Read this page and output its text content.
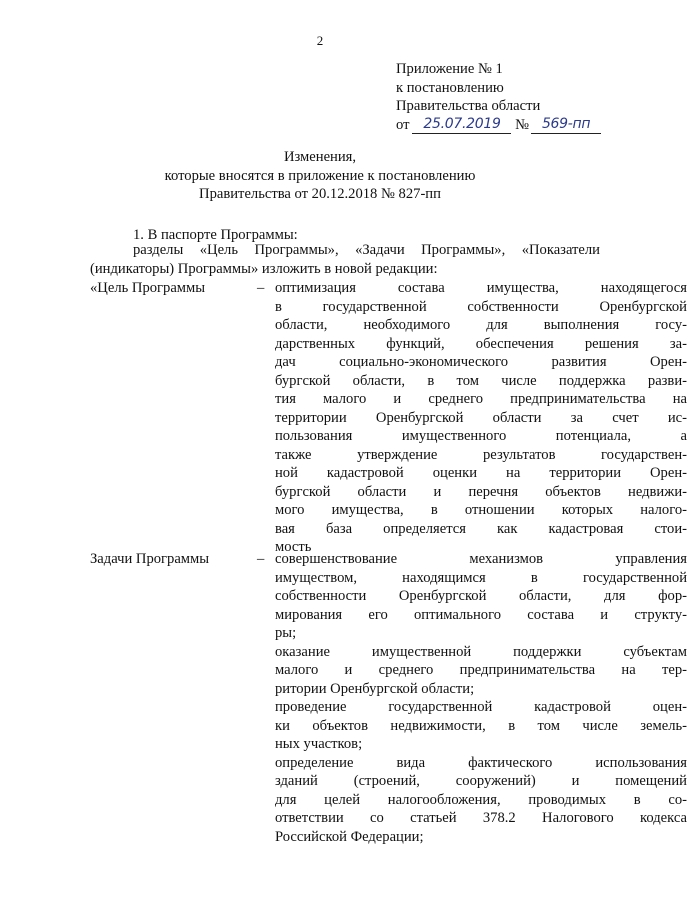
2
Приложение № 1
к постановлению
Правительства области
от 25.07.2019 № 569-пп
Изменения,
которые вносятся в приложение к постановлению
Правительства от 20.12.2018 № 827-пп
1. В паспорте Программы:
разделы «Цель Программы», «Задачи Программы», «Показатели
(индикаторы) Программы» изложить в новой редакции:
«Цель Программы	– оптимизация состава имущества, находящегося
в государственной собственности Оренбургской
области, необходимого для выполнения госу-
дарственных функций, обеспечения решения за-
дач социально-экономического развития Орен-
бургской области, в том числе поддержка разви-
тия малого и среднего предпринимательства на
территории Оренбургской области за счет ис-
пользования имущественного потенциала, а
также утверждение результатов государствен-
ной кадастровой оценки на территории Орен-
бургской области и перечня объектов недвижи-
мого имущества, в отношении которых налого-
вая база определяется как кадастровая стои-
мость
Задачи Программы	– совершенствование механизмов управления
имуществом, находящимся в государственной
собственности Оренбургской области, для фор-
мирования его оптимального состава и структу-
ры;
оказание имущественной поддержки субъектам
малого и среднего предпринимательства на тер-
ритории Оренбургской области;
проведение государственной кадастровой оцен-
ки объектов недвижимости, в том числе земель-
ных участков;
определение вида фактического использования
зданий (строений, сооружений) и помещений
для целей налогообложения, проводимых в со-
ответствии со статьей 378.2 Налогового кодекса
Российской Федерации;
